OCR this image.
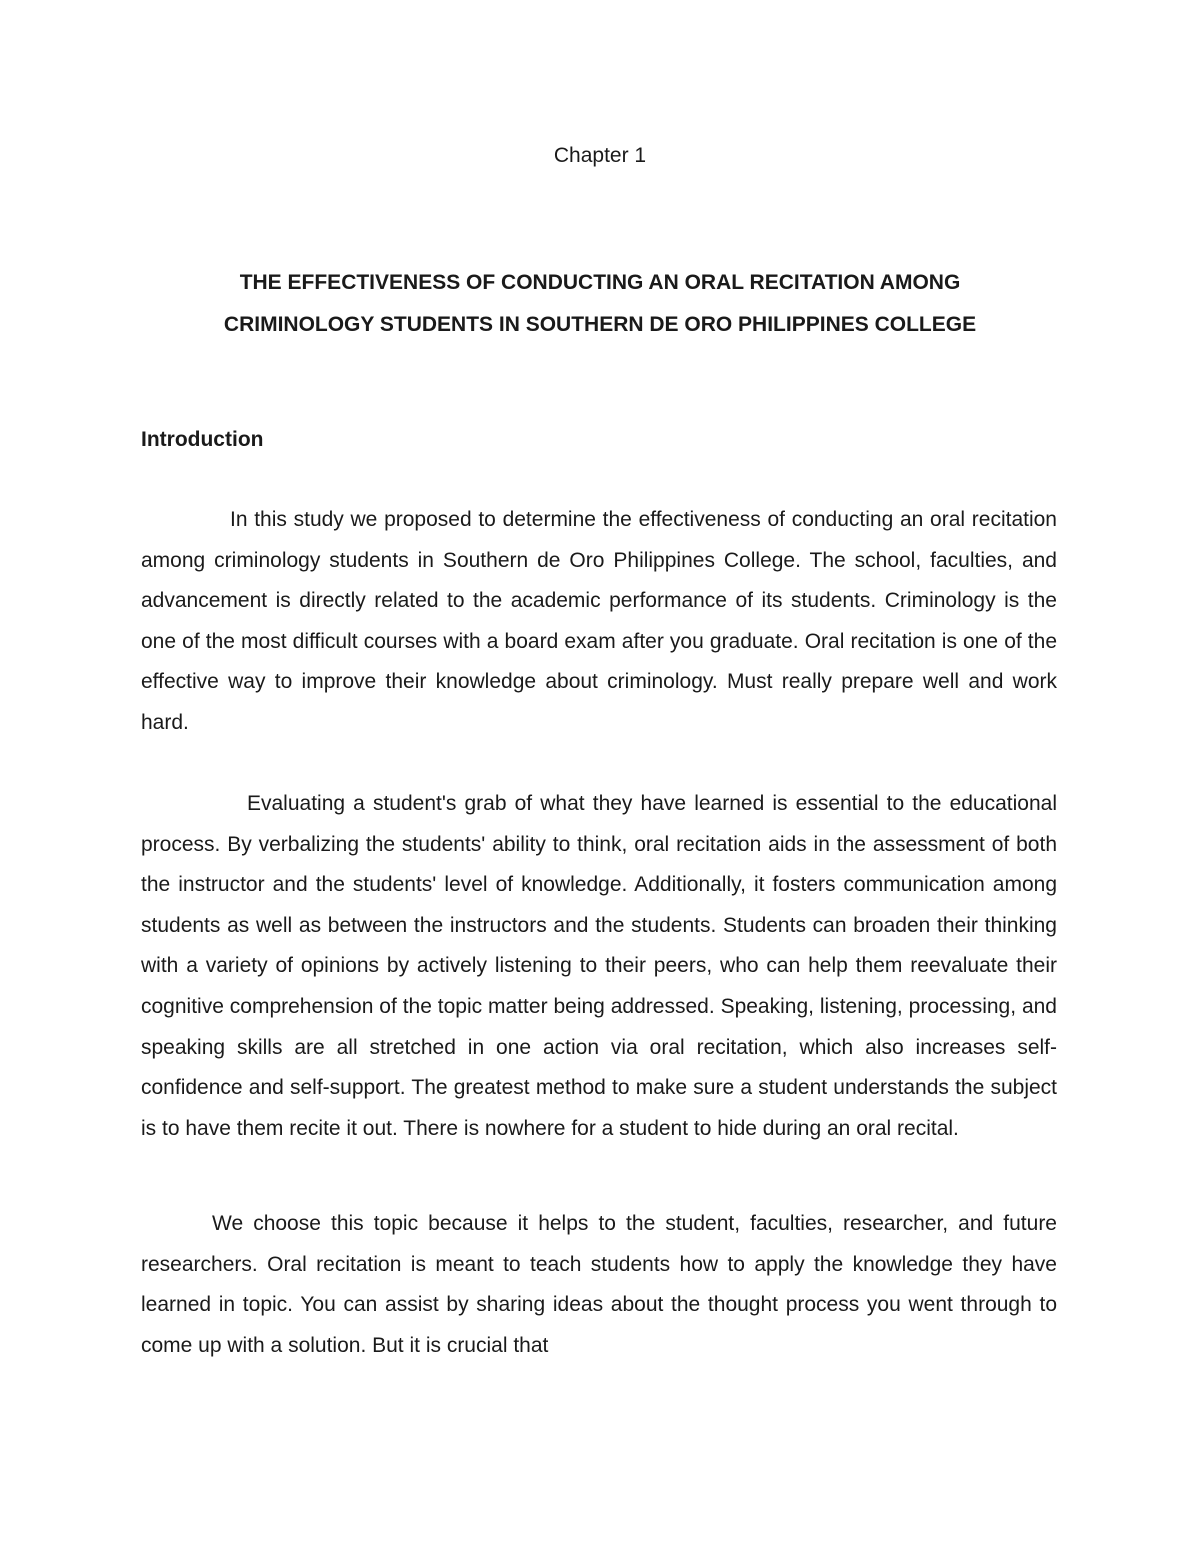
Chapter 1
THE EFFECTIVENESS OF CONDUCTING AN ORAL RECITATION AMONG
CRIMINOLOGY STUDENTS IN SOUTHERN DE ORO PHILIPPINES COLLEGE
Introduction

In this study we proposed to determine the effectiveness of conducting an oral recitation among criminology students in Southern de Oro Philippines College. The school, faculties, and advancement is directly related to the academic performance of its students. Criminology is the one of the most difficult courses with a board exam after you graduate. Oral recitation is one of the effective way to improve their knowledge about criminology. Must really prepare well and work hard.

Evaluating a student's grab of what they have learned is essential to the educational process. By verbalizing the students' ability to think, oral recitation aids in the assessment of both the instructor and the students' level of knowledge. Additionally, it fosters communication among students as well as between the instructors and the students. Students can broaden their thinking with a variety of opinions by actively listening to their peers, who can help them reevaluate their cognitive comprehension of the topic matter being addressed. Speaking, listening, processing, and speaking skills are all stretched in one action via oral recitation, which also increases self-confidence and self-support. The greatest method to make sure a student understands the subject is to have them recite it out. There is nowhere for a student to hide during an oral recital.

We choose this topic because it helps to the student, faculties, researcher, and future researchers. Oral recitation is meant to teach students how to apply the knowledge they have learned in topic. You can assist by sharing ideas about the thought process you went through to come up with a solution. But it is crucial that
